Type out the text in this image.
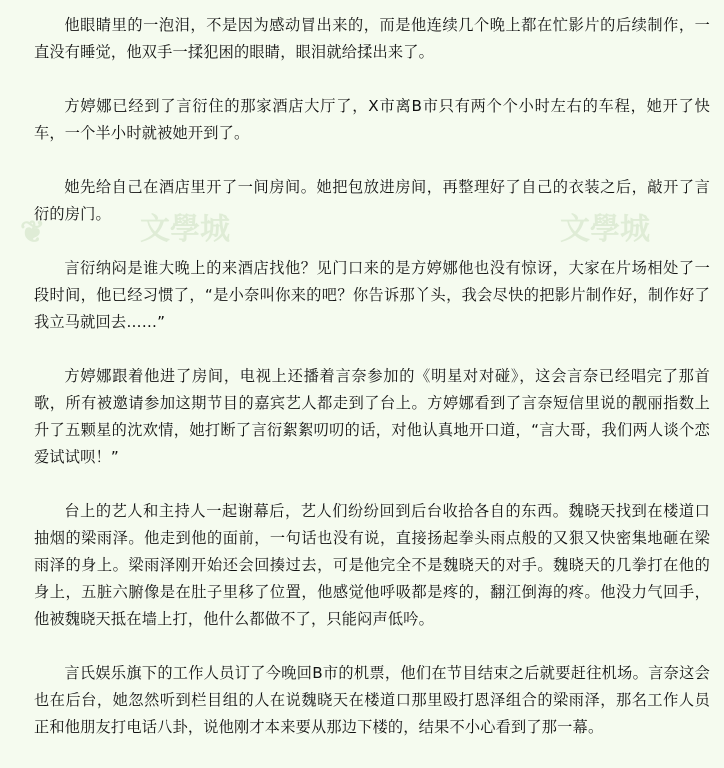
❦	文學城	文學城

他眼睛里的一泡泪，不是因为感动冒出来的，而是他连续几个晚上都在忙影片的后续制作，一直没有睡觉，他双手一揉犯困的眼睛，眼泪就给揉出来了。

方婷娜已经到了言衍住的那家酒店大厅了，X市离B市只有两个个小时左右的车程，她开了快车，一个半小时就被她开到了。

她先给自己在酒店里开了一间房间。她把包放进房间，再整理好了自己的衣装之后，敲开了言衍的房门。

言衍纳闷是谁大晚上的来酒店找他？见门口来的是方婷娜他也没有惊讶，大家在片场相处了一段时间，他已经习惯了，“是小奈叫你来的吧？你告诉那丫头，我会尽快的把影片制作好，制作好了我立马就回去……”

方婷娜跟着他进了房间，电视上还播着言奈参加的《明星对对碰》，这会言奈已经唱完了那首歌，所有被邀请参加这期节目的嘉宾艺人都走到了台上。方婷娜看到了言奈短信里说的靓丽指数上升了五颗星的沈欢情，她打断了言衍絮絮叨叨的话，对他认真地开口道，“言大哥，我们两人谈个恋爱试试呗！”

台上的艺人和主持人一起谢幕后，艺人们纷纷回到后台收拾各自的东西。魏晓天找到在楼道口抽烟的梁雨泽。他走到他的面前，一句话也没有说，直接扬起拳头雨点般的又狠又快密集地砸在梁雨泽的身上。梁雨泽刚开始还会回揍过去，可是他完全不是魏晓天的对手。魏晓天的几拳打在他的身上，五脏六腑像是在肚子里移了位置，他感觉他呼吸都是疼的，翻江倒海的疼。他没力气回手，他被魏晓天抵在墙上打，他什么都做不了，只能闷声低吟。

言氏娱乐旗下的工作人员订了今晚回B市的机票，他们在节目结束之后就要赶往机场。言奈这会也在后台，她忽然听到栏目组的人在说魏晓天在楼道口那里殴打恩泽组合的梁雨泽，那名工作人员正和他朋友打电话八卦，说他刚才本来要从那边下楼的，结果不小心看到了那一幕。
